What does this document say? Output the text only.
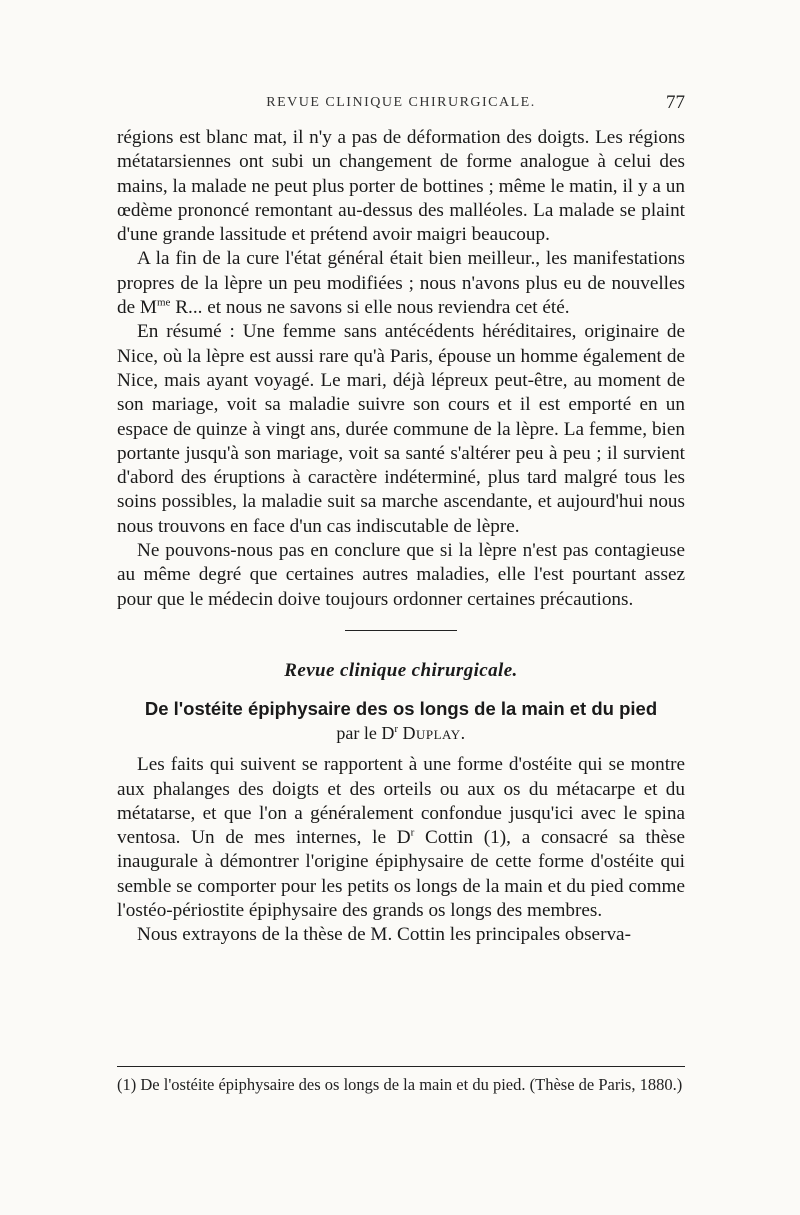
REVUE CLINIQUE CHIRURGICALE.	77

régions est blanc mat, il n'y a pas de déformation des doigts. Les régions métatarsiennes ont subi un changement de forme analogue à celui des mains, la malade ne peut plus porter de bottines ; même le matin, il y a un œdème prononcé remontant au-dessus des malléoles. La malade se plaint d'une grande lassitude et prétend avoir maigri beaucoup.

A la fin de la cure l'état général était bien meilleur., les manifestations propres de la lèpre un peu modifiées ; nous n'avons plus eu de nouvelles de $M^{me}$ R... et nous ne savons si elle nous reviendra cet été.

En résumé : Une femme sans antécédents héréditaires, originaire de Nice, où la lèpre est aussi rare qu'à Paris, épouse un homme également de Nice, mais ayant voyagé. Le mari, déjà lépreux peut-être, au moment de son mariage, voit sa maladie suivre son cours et il est emporté en un espace de quinze à vingt ans, durée commune de la lèpre. La femme, bien portante jusqu'à son mariage, voit sa santé s'altérer peu à peu ; il survient d'abord des éruptions à caractère indéterminé, plus tard malgré tous les soins possibles, la maladie suit sa marche ascendante, et aujourd'hui nous nous trouvons en face d'un cas indiscutable de lèpre.

Ne pouvons-nous pas en conclure que si la lèpre n'est pas contagieuse au même degré que certaines autres maladies, elle l'est pourtant assez pour que le médecin doive toujours ordonner certaines précautions.

Revue clinique chirurgicale.
De l'ostéite épiphysaire des os longs de la main et du pied
par le $D^r$ Duplay.

Les faits qui suivent se rapportent à une forme d'ostéite qui se montre aux phalanges des doigts et des orteils ou aux os du métacarpe et du métatarse, et que l'on a généralement confondue jusqu'ici avec le spina ventosa. Un de mes internes, le $D^r$ Cottin (1), a consacré sa thèse inaugurale à démontrer l'origine épiphysaire de cette forme d'ostéite qui semble se comporter pour les petits os longs de la main et du pied comme l'ostéo-périostite épiphysaire des grands os longs des membres.

Nous extrayons de la thèse de M. Cottin les principales observa-

(1) De l'ostéite épiphysaire des os longs de la main et du pied. (Thèse de Paris, 1880.)
